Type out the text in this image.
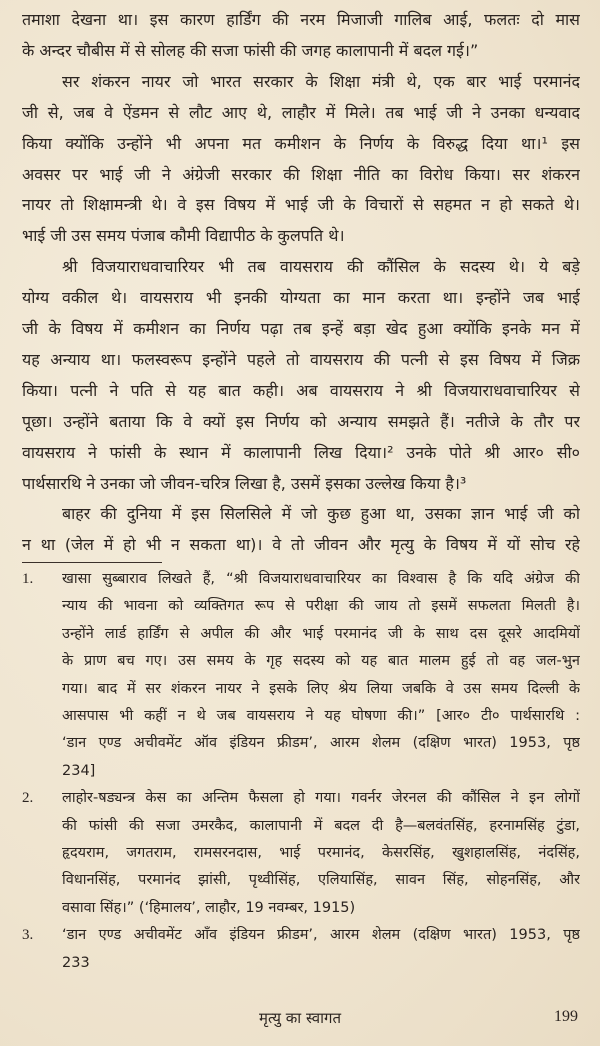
तमाशा देखना था। इस कारण हार्डिंग की नरम मिजाजी गालिब आई, फलतः दो मास
के अन्दर चौबीस में से सोलह की सजा फांसी की जगह कालापानी में बदल गई।”
सर शंकरन नायर जो भारत सरकार के शिक्षा मंत्री थे, एक बार भाई परमानंद
जी से, जब वे ऐंडमन से लौट आए थे, लाहौर में मिले। तब भाई जी ने उनका धन्यवाद
किया क्योंकि उन्होंने भी अपना मत कमीशन के निर्णय के विरुद्ध दिया था।¹ इस
अवसर पर भाई जी ने अंग्रेजी सरकार की शिक्षा नीति का विरोध किया। सर शंकरन
नायर तो शिक्षामन्त्री थे। वे इस विषय में भाई जी के विचारों से सहमत न हो सकते थे।
भाई जी उस समय पंजाब कौमी विद्यापीठ के कुलपति थे।
श्री विजयाराधवाचारियर भी तब वायसराय की कौंसिल के सदस्य थे। ये बड़े
योग्य वकील थे। वायसराय भी इनकी योग्यता का मान करता था। इन्होंने जब भाई
जी के विषय में कमीशन का निर्णय पढ़ा तब इन्हें बड़ा खेद हुआ क्योंकि इनके मन में
यह अन्याय था। फलस्वरूप इन्होंने पहले तो वायसराय की पत्नी से इस विषय में जिक्र
किया। पत्नी ने पति से यह बात कही। अब वायसराय ने श्री विजयाराधवाचारियर से
पूछा। उन्होंने बताया कि वे क्यों इस निर्णय को अन्याय समझते हैं। नतीजे के तौर पर
वायसराय ने फांसी के स्थान में कालापानी लिख दिया।² उनके पोते श्री आर० सी०
पार्थसारथि ने उनका जो जीवन-चरित्र लिखा है, उसमें इसका उल्लेख किया है।³
बाहर की दुनिया में इस सिलसिले में जो कुछ हुआ था, उसका ज्ञान भाई जी को
न था (जेल में हो भी न सकता था)। वे तो जीवन और मृत्यु के विषय में यों सोच रहे
1. खासा सुब्बाराव लिखते हैं, “श्री विजयाराधवाचारियर का विश्वास है कि यदि अंग्रेज की
न्याय की भावना को व्यक्तिगत रूप से परीक्षा की जाय तो इसमें सफलता मिलती है।
उन्होंने लार्ड हार्डिंग से अपील की और भाई परमानंद जी के साथ दस दूसरे आदमियों
के प्राण बच गए। उस समय के गृह सदस्य को यह बात मालम हुई तो वह जल-भुन
गया। बाद में सर शंकरन नायर ने इसके लिए श्रेय लिया जबकि वे उस समय दिल्ली के
आसपास भी कहीं न थे जब वायसराय ने यह घोषणा की।” [आर० टी० पार्थसारथि :
‘डान एण्ड अचीवमेंट ऑव इंडियन फ्रीडम’, आरम शेलम (दक्षिण भारत) 1953, पृष्ठ
234]
2. लाहोर-षड्यन्त्र केस का अन्तिम फैसला हो गया। गवर्नर जेरनल की कौंसिल ने इन लोगों
की फांसी की सजा उमरकैद, कालापानी में बदल दी है—बलवंतसिंह, हरनामसिंह टुंडा,
हृदयराम, जगतराम, रामसरनदास, भाई परमानंद, केसरसिंह, खुशहालसिंह, नंदसिंह,
विधानसिंह, परमानंद झांसी, पृथ्वीसिंह, एलियासिंह, सावन सिंह, सोहनसिंह, और
वसावा सिंह।” (‘हिमालय’, लाहौर, 19 नवम्बर, 1915)
3. ‘डान एण्ड अचीवमेंट आँव इंडियन फ्रीडम’, आरम शेलम (दक्षिण भारत) 1953, पृष्ठ
233
मृत्यु का स्वागत	199
